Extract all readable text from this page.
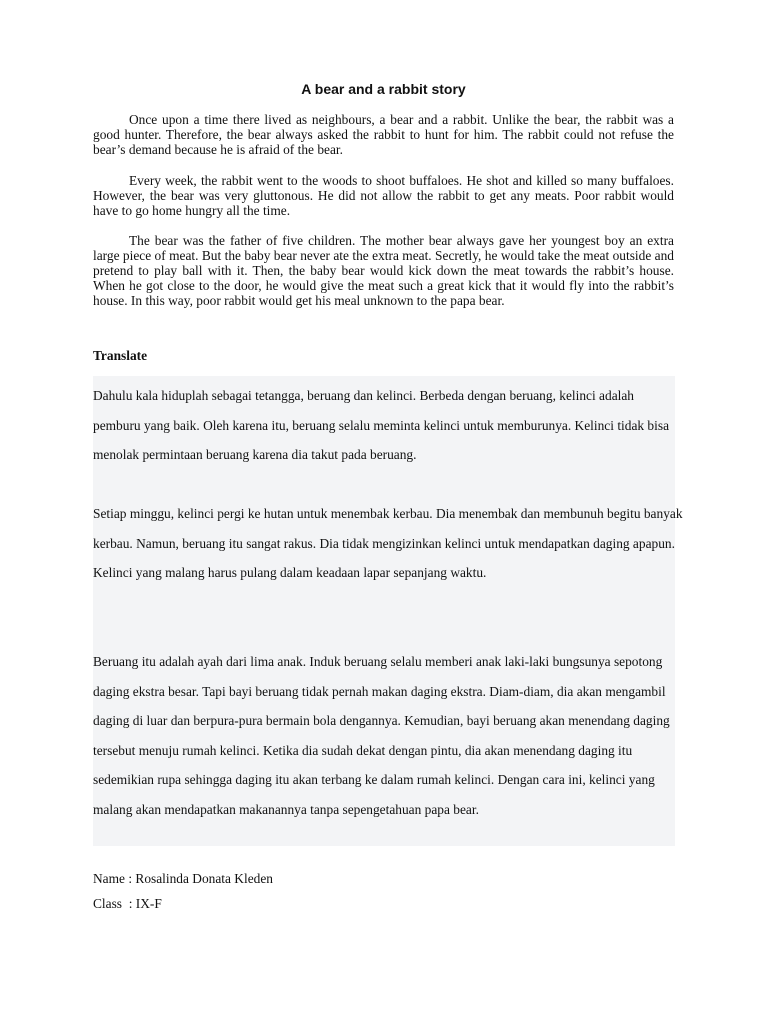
A bear and a rabbit story

Once upon a time there lived as neighbours, a bear and a rabbit. Unlike the bear, the rabbit was a good hunter. Therefore, the bear always asked the rabbit to hunt for him. The rabbit could not refuse the bear’s demand because he is afraid of the bear.

Every week, the rabbit went to the woods to shoot buffaloes. He shot and killed so many buffaloes. However, the bear was very gluttonous. He did not allow the rabbit to get any meats. Poor rabbit would have to go home hungry all the time.

The bear was the father of five children. The mother bear always gave her youngest boy an extra large piece of meat. But the baby bear never ate the extra meat. Secretly, he would take the meat outside and pretend to play ball with it. Then, the baby bear would kick down the meat towards the rabbit’s house. When he got close to the door, he would give the meat such a great kick that it would fly into the rabbit’s house. In this way, poor rabbit would get his meal unknown to the papa bear.

Translate

Dahulu kala hiduplah sebagai tetangga, beruang dan kelinci. Berbeda dengan beruang, kelinci adalah pemburu yang baik. Oleh karena itu, beruang selalu meminta kelinci untuk memburunya. Kelinci tidak bisa menolak permintaan beruang karena dia takut pada beruang.

Setiap minggu, kelinci pergi ke hutan untuk menembak kerbau. Dia menembak dan membunuh begitu banyak kerbau. Namun, beruang itu sangat rakus. Dia tidak mengizinkan kelinci untuk mendapatkan daging apapun. Kelinci yang malang harus pulang dalam keadaan lapar sepanjang waktu.

Beruang itu adalah ayah dari lima anak. Induk beruang selalu memberi anak laki-laki bungsunya sepotong daging ekstra besar. Tapi bayi beruang tidak pernah makan daging ekstra. Diam-diam, dia akan mengambil daging di luar dan berpura-pura bermain bola dengannya. Kemudian, bayi beruang akan menendang daging tersebut menuju rumah kelinci. Ketika dia sudah dekat dengan pintu, dia akan menendang daging itu sedemikian rupa sehingga daging itu akan terbang ke dalam rumah kelinci. Dengan cara ini, kelinci yang malang akan mendapatkan makanannya tanpa sepengetahuan papa bear.

Name : Rosalinda Donata Kleden

Class  : IX-F
